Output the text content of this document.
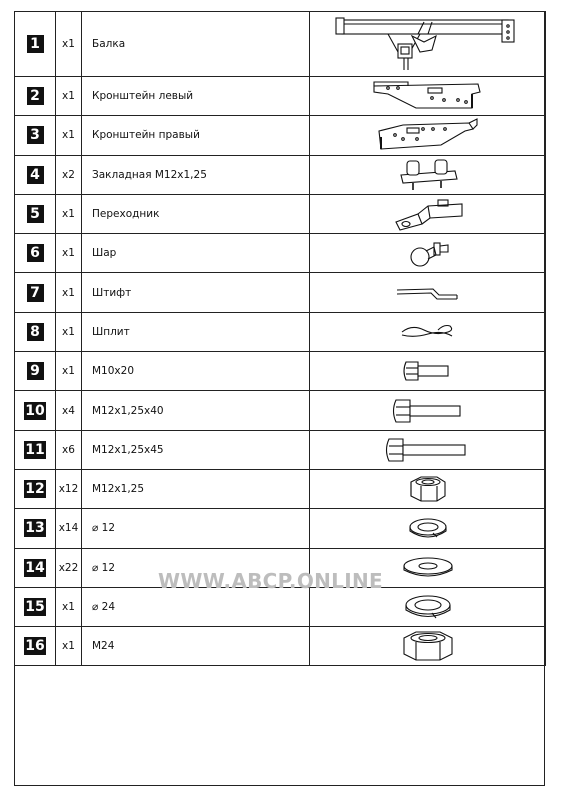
1	x1	Балка	

2	x1	Кронштейн левый	

3	x1	Кронштейн правый	

4	x2	Закладная М12х1,25	

5	x1	Переходник	

6	x1	Шар	

7	x1	Штифт	

8	x1	Шплит	

9	x1	М10х20	

10	x4	М12х1,25х40	

11	x6	М12х1,25х45	

12	x12	М12х1,25	

13	x14	⌀ 12	

14	x22	⌀ 12	

15	x1	⌀ 24	

16	x1	М24	
WWW.ABCP.ONLINE
